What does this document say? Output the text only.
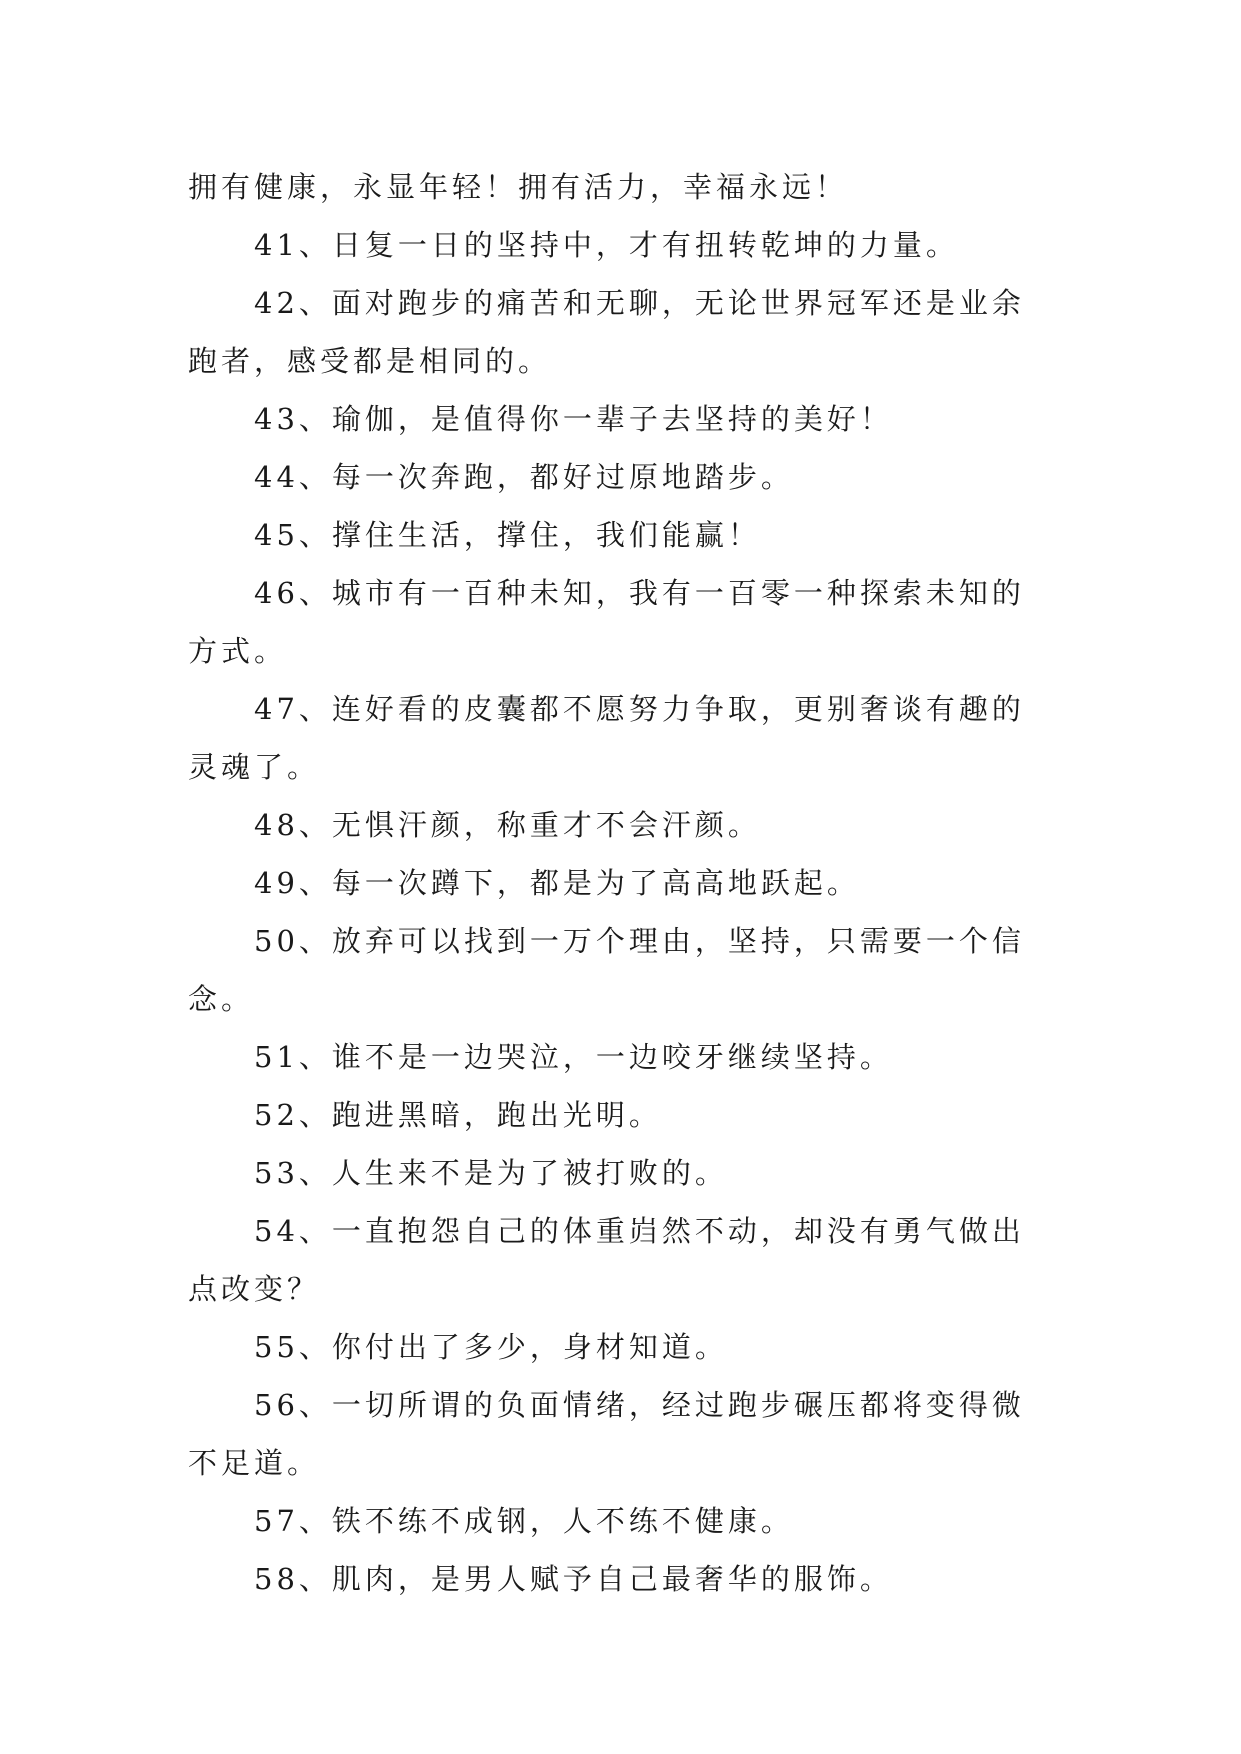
拥有健康，永显年轻！拥有活力，幸福永远！

41、日复一日的坚持中，才有扭转乾坤的力量。

42、面对跑步的痛苦和无聊，无论世界冠军还是业余跑者，感受都是相同的。

43、瑜伽，是值得你一辈子去坚持的美好！

44、每一次奔跑，都好过原地踏步。

45、撑住生活，撑住，我们能赢！

46、城市有一百种未知，我有一百零一种探索未知的方式。

47、连好看的皮囊都不愿努力争取，更别奢谈有趣的灵魂了。

48、无惧汗颜，称重才不会汗颜。

49、每一次蹲下，都是为了高高地跃起。

50、放弃可以找到一万个理由，坚持，只需要一个信念。

51、谁不是一边哭泣，一边咬牙继续坚持。

52、跑进黑暗，跑出光明。

53、人生来不是为了被打败的。

54、一直抱怨自己的体重岿然不动，却没有勇气做出点改变？

55、你付出了多少，身材知道。

56、一切所谓的负面情绪，经过跑步碾压都将变得微不足道。

57、铁不练不成钢，人不练不健康。

58、肌肉，是男人赋予自己最奢华的服饰。
